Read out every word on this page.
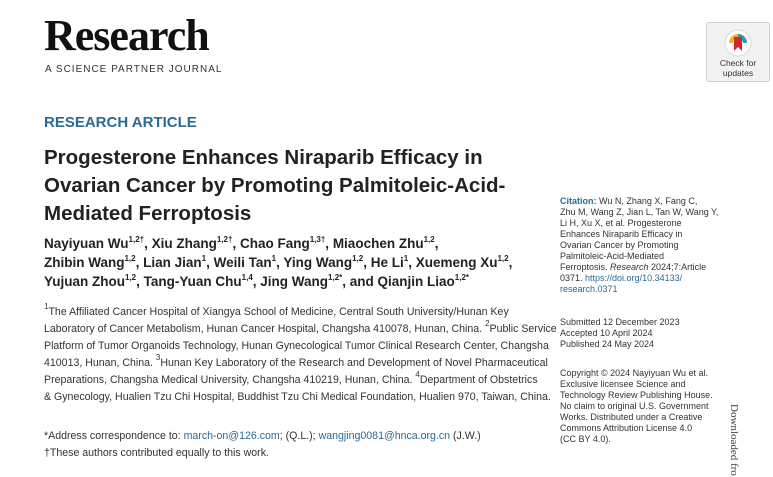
Research
A SCIENCE PARTNER JOURNAL
Check for
updates
RESEARCH ARTICLE
Progesterone Enhances Niraparib Efficacy in
Ovarian Cancer by Promoting Palmitoleic-Acid-
Mediated Ferroptosis
Nayiyuan $Wu^{1,2\dagger}$, Xiu Zhang$^{1,2\dagger}$, Chao Fang$^{1,3\dagger}$, Miaochen Zhu$^{1,2}$,
Zhibin Wang$^{1,2}$, Lian Jian$^1$, Weili Tan$^1$, Ying Wang$^{1,2}$, He Li$^1$, Xuemeng Xu$^{1,2}$,
Yujuan Zhou$^{1,2}$, Tang-Yuan Chu$^{1,4}$, Jing Wang$^{1,2*}$, and Qianjin Liao$^{1,2*}$
$^1$The Affiliated Cancer Hospital of Xiangya School of Medicine, Central South University/Hunan Key
Laboratory of Cancer Metabolism, Hunan Cancer Hospital, Changsha 410078, Hunan, China. $^2$Public Service
Platform of Tumor Organoids Technology, Hunan Gynecological Tumor Clinical Research Center, Changsha
410013, Hunan, China. $^3$Hunan Key Laboratory of the Research and Development of Novel Pharmaceutical
Preparations, Changsha Medical University, Changsha 410219, Hunan, China. $^4$Department of Obstetrics
& Gynecology, Hualien Tzu Chi Hospital, Buddhist Tzu Chi Medical Foundation, Hualien 970, Taiwan, China.
*Address correspondence to: march-on@126.com; (Q.L.); wangjing0081@hnca.org.cn (J.W.)
†These authors contributed equally to this work.
Citation: Wu N, Zhang X, Fang C,
Zhu M, Wang Z, Jian L, Tan W, Wang Y,
Li H, Xu X, et al. Progesterone
Enhances Niraparib Efficacy in
Ovarian Cancer by Promoting
Palmitoleic-Acid-Mediated
Ferroptosis. Research 2024;7:Article
0371. https://doi.org/10.34133/
research.0371
Submitted 12 December 2023
Accepted 10 April 2024
Published 24 May 2024
Copyright © 2024 Nayiyuan Wu et al.
Exclusive licensee Science and
Technology Review Publishing House.
No claim to original U.S. Government
Works. Distributed under a Creative
Commons Attribution License 4.0
(CC BY 4.0).	Downloaded fro
